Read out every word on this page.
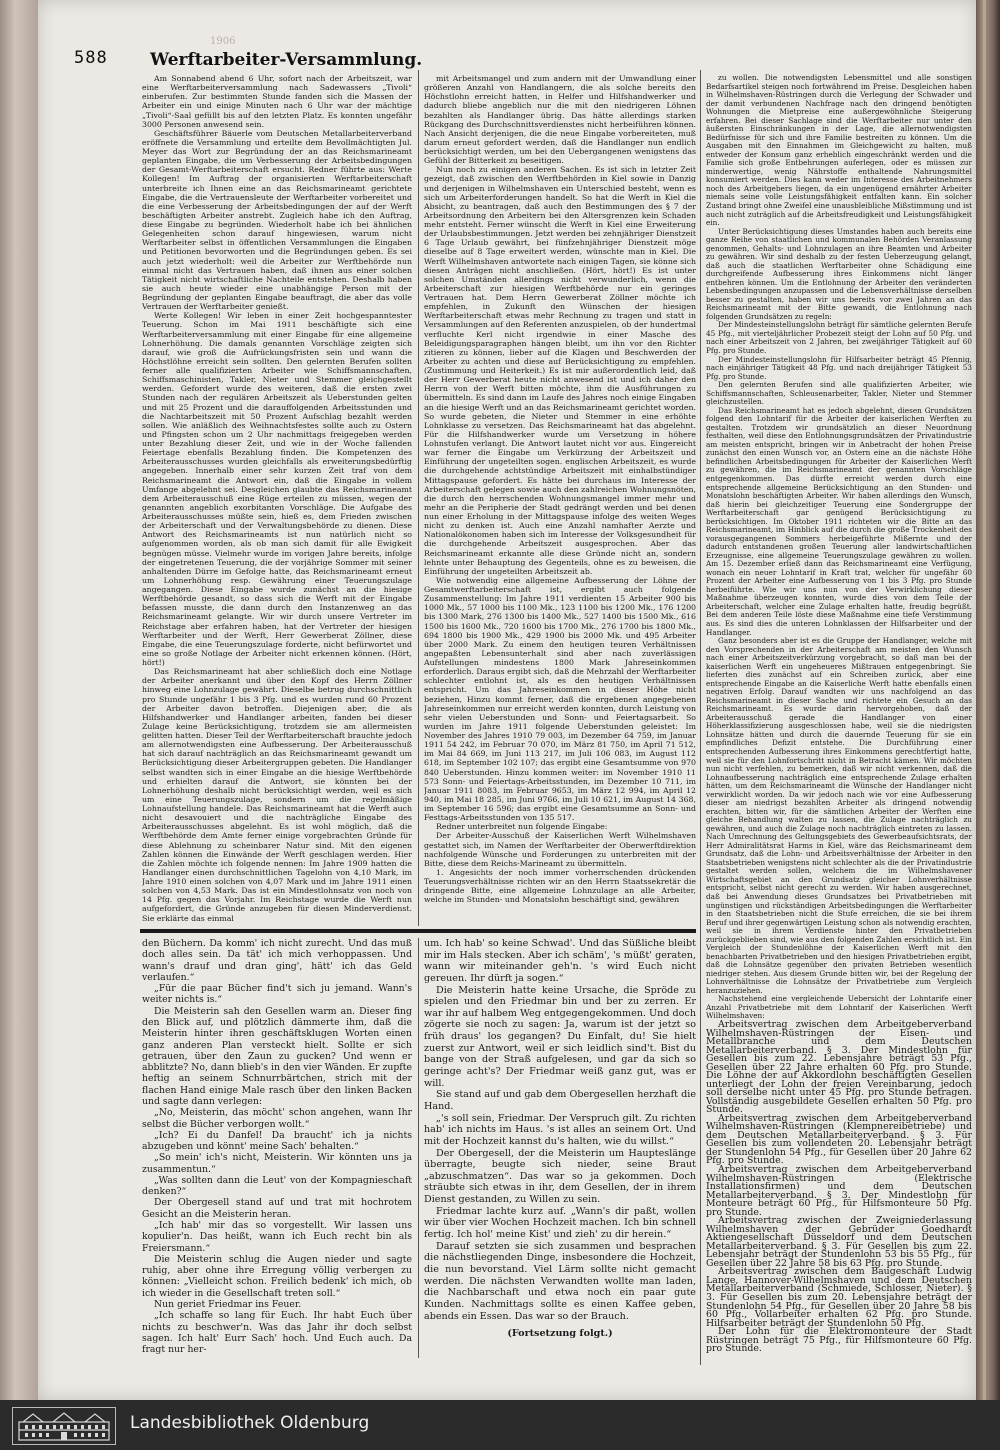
588
1906
Werftarbeiter-Versammlung.

Am Sonnabend abend 6 Uhr, sofort nach der Arbeitszeit, war eine Werftarbeiterversammlung nach Sadewassers „Tivoli“ einberufen. Zur bestimmten Stunde fanden sich die Massen der Arbeiter ein und einige Minuten nach 6 Uhr war der mächtige „Tivoli“-Saal gefüllt bis auf den letzten Platz. Es konnten ungefähr 3000 Personen anwesend sein.

Geschäftsführer Bäuerle vom Deutschen Metallarbeiterverband eröffnete die Versammlung und erteilte dem Bevollmächtigten Jul. Meyer das Wort zur Begründung der an das Reichsmarineamt geplanten Eingabe, die um Verbesserung der Arbeitsbedingungen der Gesamt-Werftarbeiterschaft ersucht. Redner führte aus: Werte Kollegen! Im Auftrag der organisierten Werftarbeiterschaft unterbreite ich Ihnen eine an das Reichsmarineamt gerichtete Eingabe, die die Vertrauensleute der Werftarbeiter vorbereitet und die eine Verbesserung der Arbeitsbedingungen der auf der Werft beschäftigten Arbeiter anstrebt. Zugleich habe ich den Auftrag, diese Eingabe zu begründen. Wiederholt habe ich bei ähnlichen Gelegenheiten schon darauf hingewiesen, warum nicht Werftarbeiter selbst in öffentlichen Versammlungen die Eingaben und Petitionen bevorworten und die Begründungen geben. Es sei auch jetzt wiederholt: weil die Arbeiter zur Werftbehörde nun einmal nicht das Vertrauen haben, daß ihnen aus einer solchen Tätigkeit nicht wirtschaftliche Nachteile entstehen. Deshalb haben sie auch heute wieder eine unabhängige Person mit der Begründung der geplanten Eingabe beauftragt, die aber das volle Vertrauen der Werftarbeiter genießt.

Werte Kollegen! Wir leben in einer Zeit hochgespanntester Teuerung. Schon im Mai 1911 beschäftigte sich eine Werftarbeiterversammlung mit einer Eingabe für eine allgemeine Lohnerhöhung. Die damals genannten Vorschläge zeigten sich darauf, wie groß die Aufrückungsfristen sein und wann die Höchstlöhne erreicht sein sollten. Den gelernten Berufen sollten ferner alle qualifizierten Arbeiter wie Schiffsmannschaften, Schiffsmaschinisten, Takler, Nieter und Stemmer gleichgestellt werden. Gefordert wurde des weiteren, daß die ersten zwei Stunden nach der regulären Arbeitszeit als Ueberstunden gelten und mit 25 Prozent und die darauffolgenden Arbeitsstunden und die Nachtarbeitszeit mit 50 Prozent Aufschlag bezahlt werden sollen. Wie anläßlich des Weihnachtsfestes sollte auch zu Ostern und Pfingsten schon um 2 Uhr nachmittags freigegeben werden unter Bezahlung dieser Zeit, und wie in der Woche fallenden Feiertage ebenfalls Bezahlung finden. Die Kompetenzen des Arbeiterausschusses wurden gleichfalls als erweiterungsbedürftig angegeben. Innerhalb einer sehr kurzen Zeit traf von dem Reichsmarineamt die Antwort ein, daß die Eingabe in vollem Umfange abgelehnt sei. Desgleichen glaubte das Reichsmarineamt dem Arbeiterausschuß eine Rüge erteilen zu müssen, wegen der genannten angeblich exorbitanten Vorschläge. Die Aufgabe des Arbeiterausschusses müßte sein, hieß es, dem Frieden zwischen der Arbeiterschaft und der Verwaltungsbehörde zu dienen. Diese Antwort des Reichsmarineamts ist nun natürlich nicht so aufgenommen worden, als ob man sich damit für alle Ewigkeit begnügen müsse. Vielmehr wurde im vorigen Jahre bereits, infolge der eingetretenen Teuerung, die der vorjährige Sommer mit seiner anhaltenden Dürre im Gefolge hatte, das Reichsmarineamt erneut um Lohnerhöhung resp. Gewährung einer Teuerungszulage angegangen. Diese Eingabe wurde zunächst an die hiesige Werftbehörde gesandt, so dass sich die Werft mit der Eingabe befassen musste, die dann durch den Instanzenweg an das Reichsmarineamt gelangte. Wir wir durch unsere Vertreter im Reichstage aber erfahren haben, hat der Vertreter der hiesigen Werftarbeiter und der Werft, Herr Gewerberat Zöllner, diese Eingabe, die eine Teuerungszulage forderte, nicht befürwortet und eine so große Notlage der Arbeiter nicht erkennen können. (Hört, hört!)

Das Reichsmarineamt hat aber schließlich doch eine Notlage der Arbeiter anerkannt und über den Kopf des Herrn Zöllner hinweg eine Lohnzulage gewährt. Dieselbe betrug durchschnittlich pro Stunde ungefähr 1 bis 3 Pfg. und es wurden rund 60 Prozent der Arbeiter davon betroffen. Diejenigen aber, die als Hilfshandwerker und Handlanger arbeiten, fanden bei dieser Zulage keine Berücksichtigung, trotzdem sie am allermeisten gelitten hatten. Dieser Teil der Werftarbeiterschaft brauchte jedoch am allernotwendigsten eine Aufbesserung. Der Arbeiterausschuß hat sich darauf nachträglich an das Reichsmarineamt gewandt um Berücksichtigung dieser Arbeitergruppen gebeten. Die Handlanger selbst wandten sich in einer Eingabe an die hiesige Werftbehörde und erhielten darauf die Antwort, sie könnten bei der Lohnerhöhung deshalb nicht berücksichtigt werden, weil es sich um eine Teuerungszulage, sondern um die regelmäßige Lohnaufstellung handele. Das Reichsmarineamt hat die Werft auch nicht desavouiert und die nachträgliche Eingabe des Arbeiterausschusses abgelehnt. Es ist wohl möglich, daß die Werftbehörde dem Amte ferner einige vorgebrachten Gründe für diese Ablehnung zu scheinbarer Natur sind. Mit den eigenen Zahlen können die Einwände der Werft geschlagen werden. Hier die Zahlen möchte ich folgende nennen: Im Jahre 1909 hatten die Handlanger einen durchschnittlichen Tagelohn von 4,10 Mark, im Jahre 1910 einen solchen von 4,07 Mark und im Jahre 1911 einen solchen von 4,53 Mark. Das ist ein Mindestlohnsatz von noch von 14 Pfg. gegen das Vorjahr. Im Reichstage wurde die Werft nun aufgefordert, die Gründe anzugeben für diesen Minderverdienst. Sie erklärte das einmal

mit Arbeitsmangel und zum andern mit der Umwandlung einer größeren Anzahl von Handlangern, die als solche bereits den Höchstlohn erreicht hatten, in Helfer und Hilfshandwerker und dadurch bliebe angeblich nur die mit den niedrigeren Löhnen bezahlten als Handlanger übrig. Das hätte allerdings starken Rückgang des Durchschnittsverdienstes nicht herbeiführen können. Nach Ansicht derjenigen, die die neue Eingabe vorbereiteten, muß darum erneut gefordert werden, daß die Handlanger nun endlich berücksichtigt werden, um bei den Uebergangenen wenigstens das Gefühl der Bitterkeit zu beseitigen.

Nun noch zu einigen anderen Sachen. Es ist sich in letzter Zeit gezeigt, daß zwischen den Werftbehörden in Kiel sowie in Danzig und derjenigen in Wilhelmshaven ein Unterschied besteht, wenn es sich um Arbeiterforderungen handelt. So hat die Werft in Kiel die Absicht, zu beantragen, daß auch den Bestimmungen des § 7 der Arbeitsordnung den Arbeitern bei den Altersgrenzen kein Schaden mehr entsteht. Ferner wünscht die Werft in Kiel eine Erweiterung der Urlaubsbestimmungen. Jetzt werden bei zehnjähriger Dienstzeit 6 Tage Urlaub gewährt, bei fünfzehnjähriger Dienstzeit möge dieselbe auf 8 Tage erweitert werden, wünschte man in Kiel. Die Werft Wilhelmshaven antwortete nach einigen Tagen, sie könne sich diesen Anträgen nicht anschließen. (Hört, hört!) Es ist unter solchen Umständen allerdings nicht verwunderlich, wenn die Arbeiterschaft zur hiesigen Werftbehörde nur ein geringes Vertrauen hat. Dem Herrn Gewerberat Zöllner möchte ich empfehlen, in Zukunft den Wünschen der hiesigen Werftarbeiterschaft etwas mehr Rechnung zu tragen und statt in Versammlungen auf den Referenten anzuspielen, ob der hundertmal verfluchte Kerl nicht irgendwie in einer Masche des Beleidigungsparagraphen hängen bleibt, um ihn vor den Richter zitieren zu können, lieber auf die Klagen und Beschwerden der Arbeiter zu achten und diese auf Berücksichtigung zu empfehlen. (Zustimmung und Heiterkeit.) Es ist mir außerordentlich leid, daß der Herr Gewerberat heute nicht anwesend ist und ich daher den Herrn von der Werft bitten möchte, ihm die Ausführungen zu übermitteln. Es sind dann im Laufe des Jahres noch einige Eingaben an die hiesige Werft und an das Reichsmarineamt gerichtet worden. So wurde gebeten, die Nieter und Stemmer in eine erhöhte Lohnklasse zu versetzen. Das Reichsmarineamt hat das abgelehnt. Für die Hilfshandwerker wurde um Versetzung in höhere Lohnstufen verlangt. Die Antwort lautet nicht vor aus. Eingereicht war ferner die Eingabe um Verkürzung der Arbeitszeit und Einführung der ungeteilten sogen. englischen Arbeitszeit, es wurde die durchgehende achtstündige Arbeitszeit mit einhalbstündiger Mittagspause gefordert. Es hätte bei durchaus im Interesse der Arbeiterschaft gelegen sowie auch den zahlreichen Wohnungsnöten, die durch den herrschenden Wohnungsmangel immer mehr und mehr an die Peripherie der Stadt gedrängt werden und bei denen nun einer Erholung in der Mittagspause infolge des weiten Weges nicht zu denken ist. Auch eine Anzahl namhafter Aerzte und Nationalökonomen haben sich im Interesse der Volksgesundheit für die durchgehende Arbeitszeit ausgesprochen. Aber das Reichsmarineamt erkannte alle diese Gründe nicht an, sondern lehnte unter Behauptung des Gegenteils, ohne es zu beweisen, die Einführung der ungeteilten Arbeitszeit ab.

Wie notwendig eine allgemeine Aufbesserung der Löhne der Gesamtwerftarbeiterschaft ist, ergibt auch folgende Zusammenstellung: Im Jahre 1911 verdienten 15 Arbeiter 900 bis 1000 Mk., 57 1000 bis 1100 Mk., 123 1100 bis 1200 Mk., 176 1200 bis 1300 Mark, 276 1300 bis 1400 Mk., 527 1400 bis 1500 Mk., 616 1500 bis 1600 Mk., 720 1600 bis 1700 Mk., 276 1700 bis 1800 Mk., 694 1800 bis 1900 Mk., 429 1900 bis 2000 Mk. und 495 Arbeiter über 2000 Mark. Zu einem den heutigen teuren Verhältnissen angepaßten Lebensunterhalt sind aber nach zuverlässigen Aufstellungen mindestens 1800 Mark Jahreseinkommen erforderlich. Daraus ergibt sich, daß die Mehrzahl der Werftarbeiter schlechter entlohnt ist, als es den heutigen Verhältnissen entspricht. Um das Jahreseinkommen in dieser Höhe nicht beziehen, Hinzu kommt ferner, daß die ergebenen angegebenen Jahreseinkommen nur erreicht werden konnten, durch Leistung von sehr vielen Ueberstunden und Sonn- und Feiertagsarbeit. So wurden im Jahre 1911 folgende Ueberstunden geleistet: Im November des Jahres 1910 79 003, im Dezember 64 759, im Januar 1911 54 242, im Februar 70 070, im März 81 750, im April 71 512, im Mai 84 669, im Juni 113 217, im Juli 106 083, im August 112 618, im September 102 107; das ergibt eine Gesamtsumme von 970 840 Ueberstunden. Hinzu kommen weiter: im November 1910 11 573 Sonn- und Feiertags-Arbeitsstunden, im Dezember 10 711, im Januar 1911 8083, im Februar 9653, im März 12 994, im April 12 940, im Mai 18 285, im Juni 9766, im Juli 10 621, im August 14 368, im September 16 596; das ergibt eine Gesamtsumme an Sonn- und Festtags-Arbeitsstunden von 135 517.

Redner unterbreitet nun folgende Eingabe:

Der Arbeiter-Ausschuß der Kaiserlichen Werft Wilhelmshaven gestattet sich, im Namen der Werftarbeiter der Oberwerftdirektion nachfolgende Wünsche und Forderungen zu unterbreiten mit der Bitte, diese dem Reichs-Marineamt zu übermitteln.

1. Angesichts der noch immer vorherrschenden drückenden Teuerungsverhältnisse richten wir an den Herrn Staatssekretär die dringende Bitte, eine allgemeine Lohnzulage an alle Arbeiter, welche im Stunden- und Monatslohn beschäftigt sind, gewähren

zu wollen. Die notwendigsten Lebensmittel und alle sonstigen Bedarfsartikel steigen noch fortwährend im Preise. Desgleichen haben in Wilhelmshaven-Rüstringen durch die Verlegung der Schwader und der damit verbundenen Nachfrage nach den dringend benötigten Wohnungen die Mietpreise eine außergewöhnliche Steigerung erfahren. Bei dieser Sachlage sind die Werftarbeiter nur unter den äußersten Einschränkungen in der Lage, die allernotwendigsten Bedürfnisse für sich und ihre Familie bestreiten zu können. Um die Ausgaben mit den Einnahmen im Gleichgewicht zu halten, muß entweder der Konsum ganz erheblich eingeschränkt werden und die Familie sich große Entbehrungen auferlegen, oder es müssen zur minderwertige, wenig Nährstoffe enthaltende Nahrungsmittel konsumiert werden. Dies kann weder im Interesse des Arbeitnehmers noch des Arbeitgebers liegen, da ein ungenügend ernährter Arbeiter niemals seine volle Leistungsfähigkeit entfalten kann. Ein solcher Zustand bringt ohne Zweifel eine unausbleibliche Mißstimmung und ist auch nicht zuträglich auf die Arbeitsfreudigkeit und Leistungsfähigkeit ein.

Unter Berücksichtigung dieses Umstandes haben auch bereits eine ganze Reihe von staatlichen und kommunalen Behörden Veranlassung genommen, Gehalts- und Lohnzulagen an ihre Beamten und Arbeiter zu gewähren. Wir sind deshalb zu der festen Ueberzeugung gelangt, daß auch die staatlichen Werftarbeiter ohne Schädigung eine durchgreifende Aufbesserung ihres Einkommens nicht länger entbehren können. Um die Entlohnung der Arbeiter den veränderten Lebensbedingungen anzupassen und die Lebensverhältnisse derselben besser zu gestalten, haben wir uns bereits vor zwei Jahren an das Reichsmarineamt mit der Bitte gewandt, die Entlohnung nach folgenden Grundsätzen zu regeln:

Der Mindesteinstellungslohn beträgt für sämtliche gelernten Berufe 45 Pfg., mit vierteljährlicher Probezeit steigt der Lohn auf 50 Pfg. und nach einer Arbeitszeit von 2 Jahren, bei zweijähriger Tätigkeit auf 60 Pfg. pro Stunde.

Der Mindesteinstellungslohn für Hilfsarbeiter beträgt 45 Pfennig, nach einjähriger Tätigkeit 48 Pfg. und nach dreijähriger Tätigkeit 53 Pfg. pro Stunde.

Den gelernten Berufen sind alle qualifizierten Arbeiter, wie Schiffsmannschaften, Schleusenarbeiter, Takler, Nieter und Stemmer gleichzustellen.

Das Reichsmarineamt hat es jedoch abgelehnt, diesen Grundsätzen folgend den Lohntarif für die Arbeiter der kaiserlichen Werften zu gestalten. Trotzdem wir grundsätzlich an dieser Neuordnung festhalten, weil diese den Entlohnungsgrundsätzen der Privatindustrie am meisten entspricht, bringen wir in Anbetracht der hohen Preise zunächst den einen Wunsch vor, an Ostern eine an die nächste Höhe befindlichen Arbeitsbedingungen für Arbeiter der Kaiserlichen Werft zu gewähren, die im Reichsmarineamt der genannten Vorschläge entgegenkommen. Das dürfte erreicht werden durch eine entsprechende allgemeine Berücksichtigung an den Stunden- und Monatslohn beschäftigten Arbeiter. Wir haben allerdings den Wunsch, daß hierin bei gleichzeitiger Teuerung eine Sondergruppe der Werftarbeiterschaft gar genügend Berücksichtigung zu berücksichtigen. Im Oktober 1911 richteten wir die Bitte an das Reichsmarineamt, im Hinblick auf die durch die große Trockenheit des vorausgegangenen Sommers herbeigeführte Mißernte und der dadurch entstandenen großen Teuerung aller landwirtschaftlichen Erzeugnisse, eine allgemeine Teuerungszulage gewähren zu wollen. Am 15. Dezember erließ dann das Reichsmarineamt eine Verfügung, wonach ein neuer Lohntarif in Kraft trat, welcher für ungefähr 60 Prozent der Arbeiter eine Aufbesserung von 1 bis 3 Pfg. pro Stunde herbeiführte. Wie wir uns nun von der Verwirklichung dieser Maßnahme überzeugen konnten, wurde dies von dem Teile der Arbeiterschaft, welcher eine Zulage erhalten hatte, freudig begrüßt. Bei dem anderen Teile löste diese Maßnahme eine tiefe Verstimmung aus. Es sind dies die unteren Lohnklassen der Hilfsarbeiter und der Handlanger.

Ganz besonders aber ist es die Gruppe der Handlanger, welche mit den Vorsprechenden in der Arbeiterschaft am meisten den Wunsch nach einer Arbeitszeitverkürzung vorgebracht, so daß man bei der kaiserlichen Werft ein ungeheueres Mißtrauen entgegenbringt. Sie lieferten dies zunächst auf ein Schreiben zurück, aber eine entsprechende Eingabe an die Kaiserliche Werft hatte ebenfalls einen negativen Erfolg. Darauf wandten wir uns nachfolgend an das Reichsmarineamt in dieser Sache und richtete ein Gesuch an das Reichsmarineamt. Es wurde darin hervorgehoben, daß der Arbeiterausschuß gerade die Handlanger von einer Höherklassifizierung ausgeschlossen habe, weil sie die niedrigsten Lohnsätze hätten und durch die dauernde Teuerung für sie ein empfindliches Defizit entstehe. Die Durchführung einer entsprechenden Aufbesserung ihres Einkommens gerechtfertigt hatte, weil sie für den Lohnfortschritt nicht in Betracht kämen. Wir möchten nun nicht verfehlen, zu bemerken, daß wir nicht verkennen, daß die Lohnaufbesserung nachträglich eine entsprechende Zulage erhalten hätten, um dem Reichsmarineamt die Wünsche der Handlanger nicht verwirklicht worden. Da wir jedoch nach wie vor eine Aufbesserung dieser am niedrigst bezahlten Arbeiter als dringend notwendig erachten, bitten wir, für die sämtlichen Arbeiter der Werften eine gleiche Behandlung walten zu lassen, die Zulage nachträglich zu gewähren, und auch die Zulage noch nachträglich eintreten zu lassen. Nach Umrechnung des Geltungsgebiets des Gewerbeaufsichtsrats, der Herr Admiralitätsrat Harms in Kiel, wäre das Reichsmarineamt dem Grundsatz, daß die Lohn- und Arbeitsverhältnisse der Arbeiter in den Staatsbetrieben wenigstens nicht schlechter als die der Privatindustrie gestaltet werden sollen, welchem die im Wilhelmshavener Wirtschaftsgebiet an den Grundsatz gleicher Lohnverhältnisse entspricht, selbst nicht gerecht zu werden. Wir haben ausgerechnet, daß bei Anwendung dieses Grundsatzes bei Privatbetrieben mit ungünstigen und rückständigen Arbeitsbedingungen die Werftarbeiter in den Staatsbetrieben nicht die Stufe erreichen, die sie bei ihrem Beruf und ihrer gegenwärtigen Leistung schon als notwendig erachten, weil sie in ihrem Verdienste hinter den Privatbetrieben zurückgeblieben sind, wie aus den folgenden Zahlen ersichtlich ist. Ein Vergleich der Stundenlöhne der Kaiserlichen Werft mit den benachbarten Privatbetrieben und den hiesigen Privatbetrieben ergibt, daß die Lohnsätze gegenüber den privaten Betrieben wesentlich niedriger stehen. Aus diesem Grunde bitten wir, bei der Regelung der Lohnverhältnisse die Lohnsätze der Privatbetriebe zum Vergleich heranzuziehen.

Nachstehend eine vergleichende Uebersicht der Lohntarife einer Anzahl Privatbetriebe mit dem Lohntarif der Kaiserlichen Werft Wilhelmshaven:

Arbeitsvertrag zwischen dem Arbeitgeberverband Wilhelmshaven-Rüstringen der Eisen- und Metallbranche und dem Deutschen Metallarbeiterverband. § 3. Der Mindestlohn für Gesellen bis zum 22. Lebensjahre beträgt 53 Pfg., Gesellen über 22 Jahre erhalten 60 Pfg. pro Stunde. Die Löhne der auf Akkordlohn beschäftigten Gesellen unterliegt der Lohn der freien Vereinbarung, jedoch soll derselbe nicht unter 45 Pfg. pro Stunde betragen. Vollständig ausgebildete Gesellen erhalten 50 Pfg. pro Stunde.

Arbeitsvertrag zwischen dem Arbeitgeberverband Wilhelmshaven-Rüstringen (Klempnereibetriebe) und dem Deutschen Metallarbeiterverband. § 3. Für Gesellen bis zum vollendeten 20. Lebensjahr beträgt der Stundenlohn 54 Pfg., für Gesellen über 20 Jahre 62 Pfg. pro Stunde.

Arbeitsvertrag zwischen dem Arbeitgeberverband Wilhelmshaven-Rüstringen (Elektrische Installationsfirmen) und dem Deutschen Metallarbeiterverband. § 3. Der Mindestlohn für Monteure beträgt 60 Pfg., für Hilfsmonteure 50 Pfg. pro Stunde.

Arbeitsvertrag zwischen der Zweigniederlassung Wilhelmshaven der Gebrüder Goedhardt Aktiengesellschaft Düsseldorf und dem Deutschen Metallarbeiterverband. § 3. Für Gesellen bis zum 22. Lebensjahr beträgt der Stundenlohn 53 bis 55 Pfg., für Gesellen über 22 Jahre 58 bis 63 Pfg. pro Stunde.

Arbeitsvertrag zwischen dem Baugeschäft Ludwig Lange, Hannover-Wilhelmshaven und dem Deutschen Metallarbeiterverband (Schmiede, Schlosser, Nieter). § 3. Für Gesellen bis zum 20. Lebensjahre beträgt der Stundenlohn 54 Pfg., für Gesellen über 20 Jahre 58 bis 60 Pfg., Vollarbeiter erhalten 62 Pfg. pro Stunde. Hilfsarbeiter beträgt der Stundenlohn 50 Pfg.

Der Lohn für die Elektromonteure der Stadt Rüstringen beträgt 75 Pfg., für Hilfsmonteure 60 Pfg. pro Stunde.

den Büchern. Da komm' ich nicht zurecht. Und das muß doch alles sein. Da tät' ich mich verhoppassen. Und wann's drauf und dran ging', hätt' ich das Geld verlaufen.“

„Für die paar Bücher find't sich ju jemand. Wann's weiter nichts is.“

Die Meisterin sah den Gesellen warm an. Dieser fing den Blick auf, und plötzlich dämmerte ihm, daß die Meisterin hinter ihren geschäftsklugen Worten einen ganz anderen Plan versteckt hielt. Sollte er sich getrauen, über den Zaun zu gucken? Und wenn er abblitzte? No, dann blieb's in den vier Wänden. Er zupfte heftig an seinem Schnurrbärtchen, strich mit der flachen Hand einige Male rasch über den linken Backen und sagte dann verlegen:

„No, Meisterin, das möcht' schon angehen, wann Ihr selbst die Bücher verborgen wollt.“

„Ich? Ei du Danfel! Da braucht' ich ja nichts abzugeben und könnt' meine Sach' behalten.“

„So mein' ich's nicht, Meisterin. Wir könnten uns ja zusammentun.“

„Was sollten dann die Leut' von der Kompagnieschaft denken?“

Der Obergesell stand auf und trat mit hochrotem Gesicht an die Meisterin heran.

„Ich hab' mir das so vorgestellt. Wir lassen uns kopulier'n. Das heißt, wann ich Euch recht bin als Freiersmann.“

Die Meisterin schlug die Augen nieder und sagte ruhig, aber ohne ihre Erregung völlig verbergen zu können: „Vielleicht schon. Freilich bedenk' ich mich, ob ich wieder in die Gesellschaft treten soll.“

Nun geriet Friedmar ins Feuer.

„Ich schaffe so lang für Euch. Ihr habt Euch über nichts zu beschwer'n. Was das Jahr ihr doch selbst sagen. Ich halt' Eurr Sach' hoch. Und Euch auch. Da fragt nur her-

um. Ich hab' so keine Schwad'. Und das Süßliche bleibt mir im Hals stecken. Aber ich schäm', 's müßt' geraten, wann wir miteinander geh'n. 's wird Euch nicht gereuen. Ihr dürft ja sogen.“

Die Meisterin hatte keine Ursache, die Spröde zu spielen und den Friedmar bin und ber zu zerren. Er war ihr auf halbem Weg entgegengekommen. Und doch zögerte sie noch zu sagen: Ja, warum ist der jetzt so früh draus' los gegangen? Du Einfalt, du! Sie hielt zuerst zur Antwort, weil er sich leidlich sind't. Bist du bange von der Straß aufgelesen, und gar da sich so geringe acht's? Der Friedmar weiß ganz gut, was er will.

Sie stand auf und gab dem Obergesellen herzhaft die Hand.

„'s soll sein, Friedmar. Der Verspruch gilt. Zu richten hab' ich nichts im Haus. 's ist alles an seinem Ort. Und mit der Hochzeit kannst du's halten, wie du willst.“

Der Obergesell, der die Meisterin um Haupteslänge überragte, beugte sich nieder, seine Braut „abzuschmatzen“. Das war so ja gekommen. Doch sträubte sich etwas in ihr, dem Gesellen, der in ihrem Dienst gestanden, zu Willen zu sein.

Friedmar lachte kurz auf. „Wann's dir paßt, wollen wir über vier Wochen Hochzeit machen. Ich bin schnell fertig. Ich hol' meine Kist' und zieh' zu dir herein.“

Darauf setzten sie sich zusammen und besprachen die nächstliegenden Dinge, insbesondere die Hochzeit, die nun bevorstand. Viel Lärm sollte nicht gemacht werden. Die nächsten Verwandten wollte man laden, die Nachbarschaft und etwa noch ein paar gute Kunden. Nachmittags sollte es einen Kaffee geben, abends ein Essen. Das war so der Brauch.

(Fortsetzung folgt.)

Landesbibliothek Oldenburg
